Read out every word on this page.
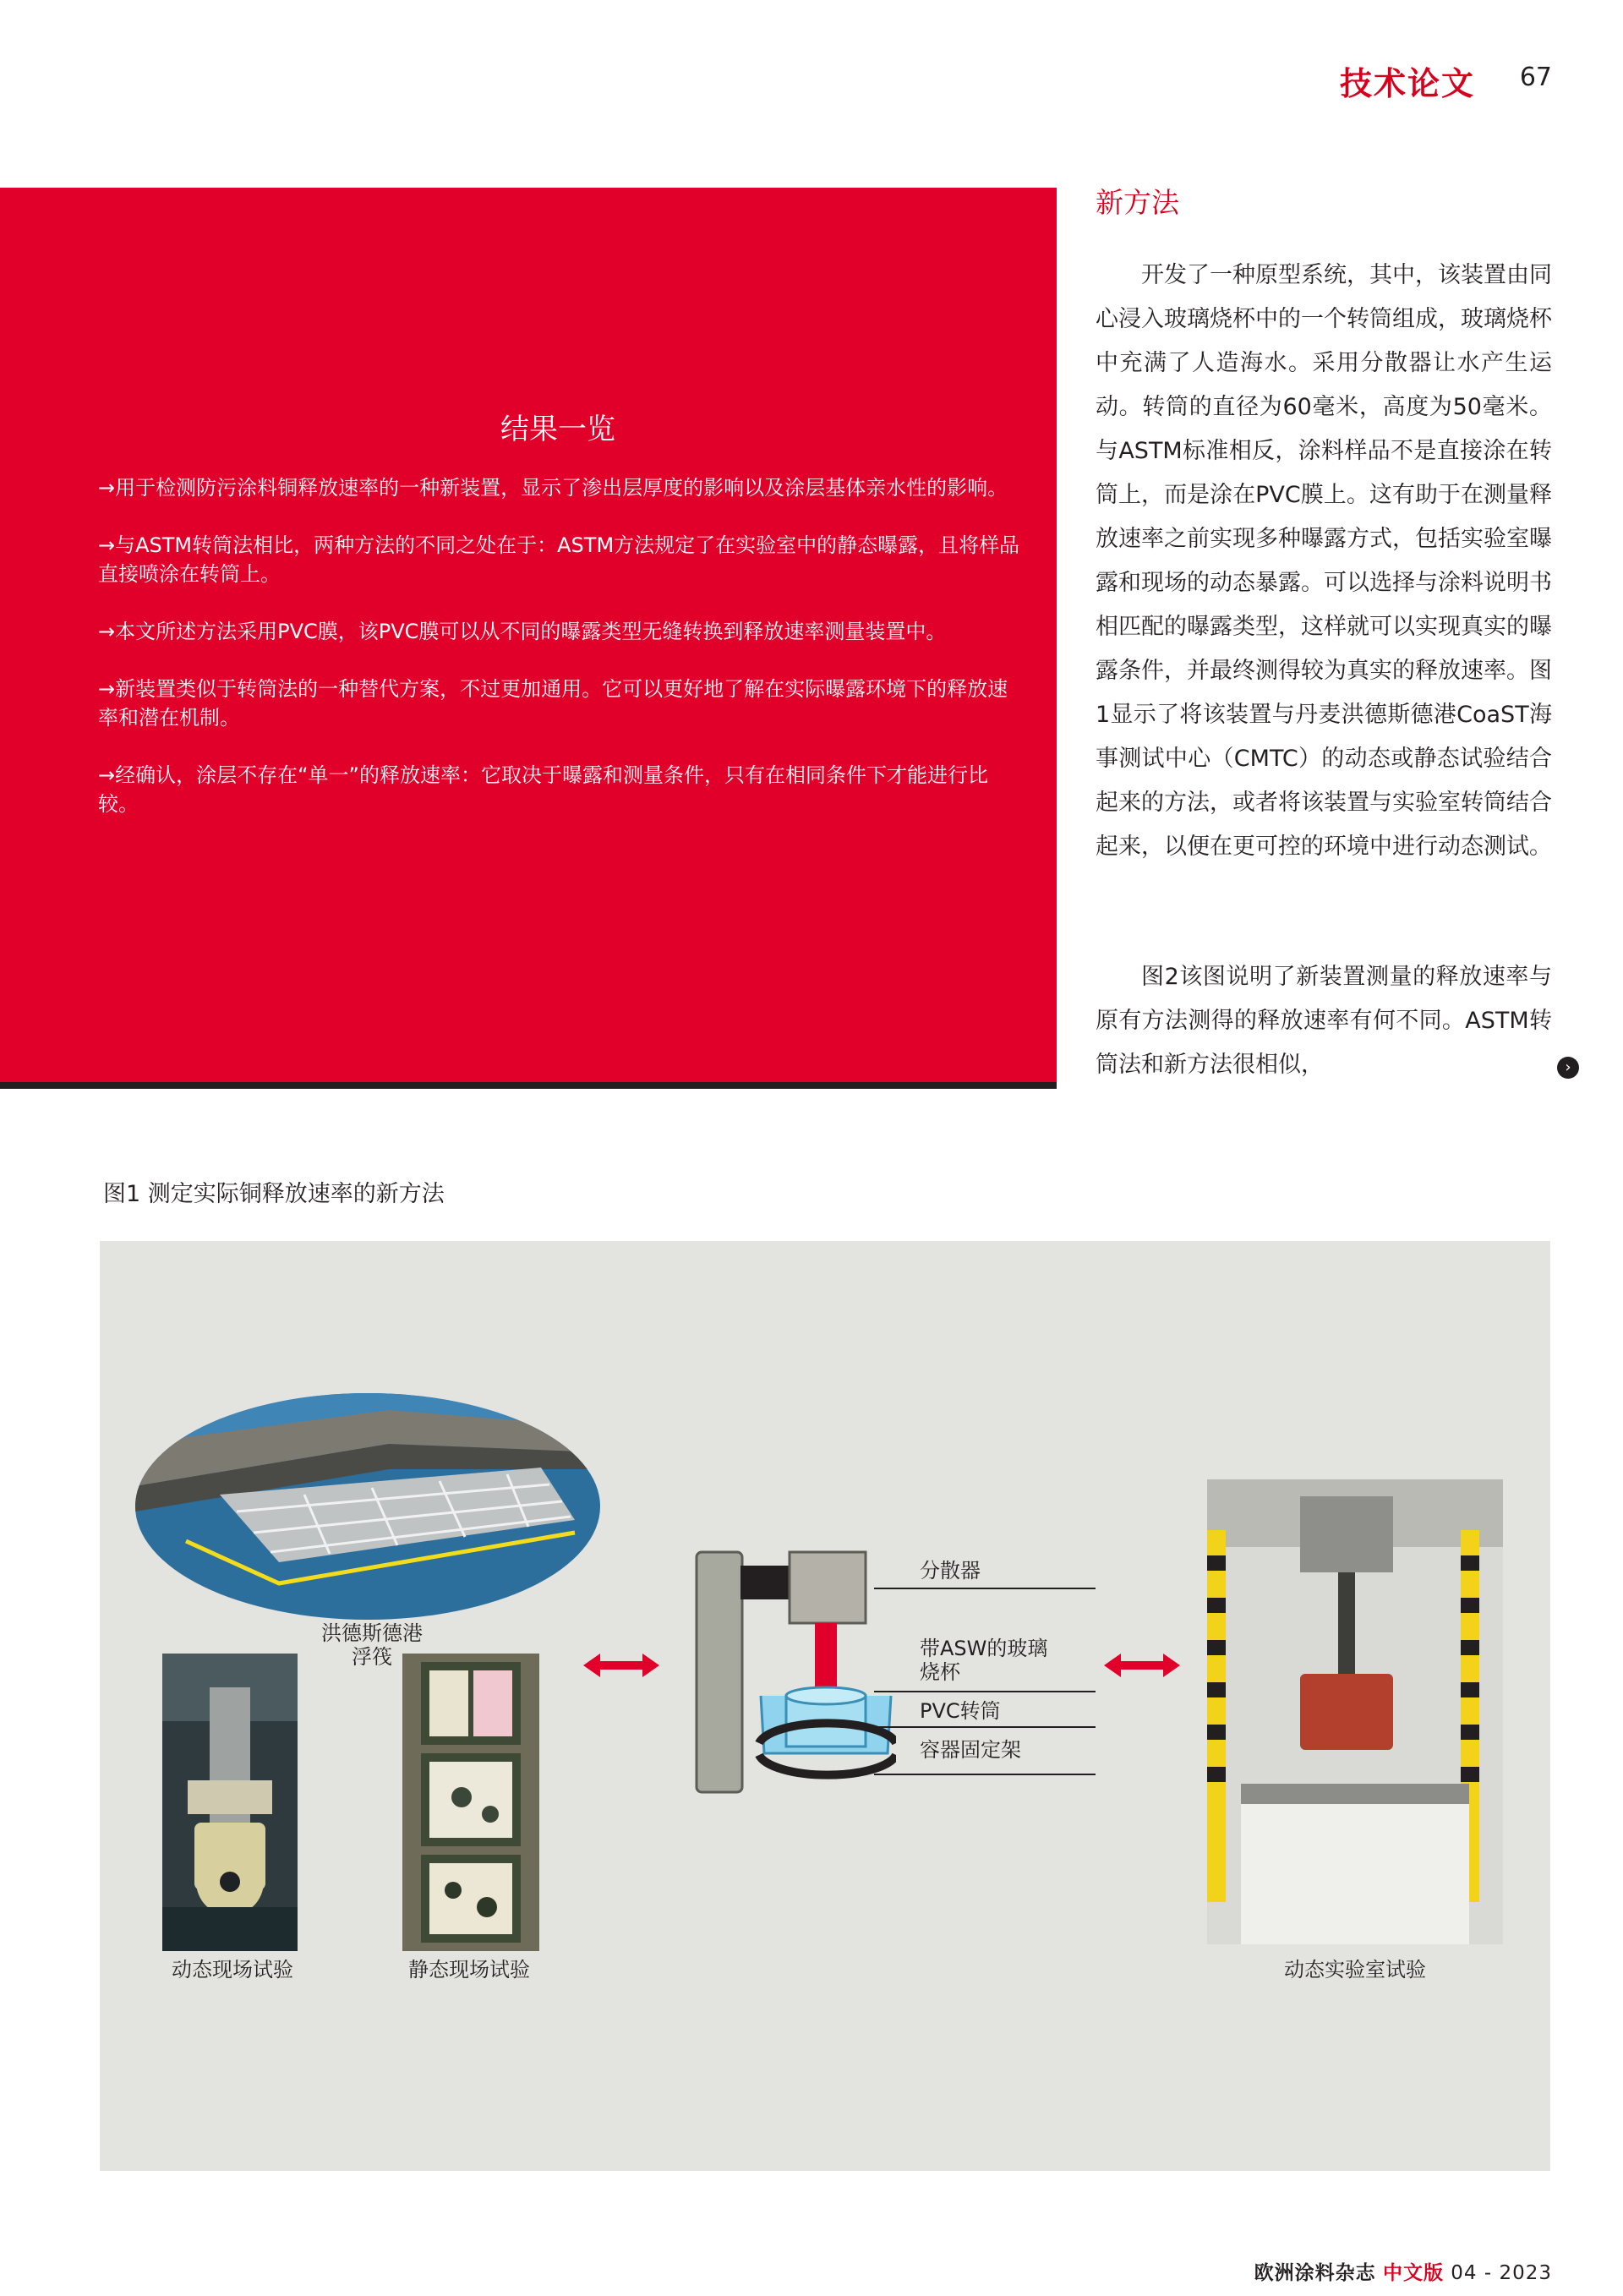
技术论文 67
结果一览
→用于检测防污涂料铜释放速率的一种新装置，显示了渗出层厚度的影响以及涂层基体亲水性的影响。
→与ASTM转筒法相比，两种方法的不同之处在于：ASTM方法规定了在实验室中的静态曝露，且将样品直接喷涂在转筒上。
→本文所述方法采用PVC膜，该PVC膜可以从不同的曝露类型无缝转换到释放速率测量装置中。
→新装置类似于转筒法的一种替代方案，不过更加通用。它可以更好地了解在实际曝露环境下的释放速率和潜在机制。
→经确认，涂层不存在“单一”的释放速率：它取决于曝露和测量条件，只有在相同条件下才能进行比较。
新方法

开发了一种原型系统，其中，该装置由同心浸入玻璃烧杯中的一个转筒组成，玻璃烧杯中充满了人造海水。采用分散器让水产生运动。转筒的直径为60毫米，高度为50毫米。与ASTM标准相反，涂料样品不是直接涂在转筒上，而是涂在PVC膜上。这有助于在测量释放速率之前实现多种曝露方式，包括实验室曝露和现场的动态暴露。可以选择与涂料说明书相匹配的曝露类型，这样就可以实现真实的曝露条件，并最终测得较为真实的释放速率。图1显示了将该装置与丹麦洪德斯德港CoaST海事测试中心（CMTC）的动态或静态试验结合起来的方法，或者将该装置与实验室转筒结合起来，以便在更可控的环境中进行动态测试。

图2该图说明了新装置测量的释放速率与原有方法测得的释放速率有何不同。ASTM转筒法和新方法很相似，	›
图1 测定实际铜释放速率的新方法
洪德斯德港
浮筏
动态现场试验	静态现场试验
分散器
带ASW的玻璃
烧杯
PVC转筒
容器固定架
动态实验室试验
欧洲涂料杂志 中文版 04 - 2023
